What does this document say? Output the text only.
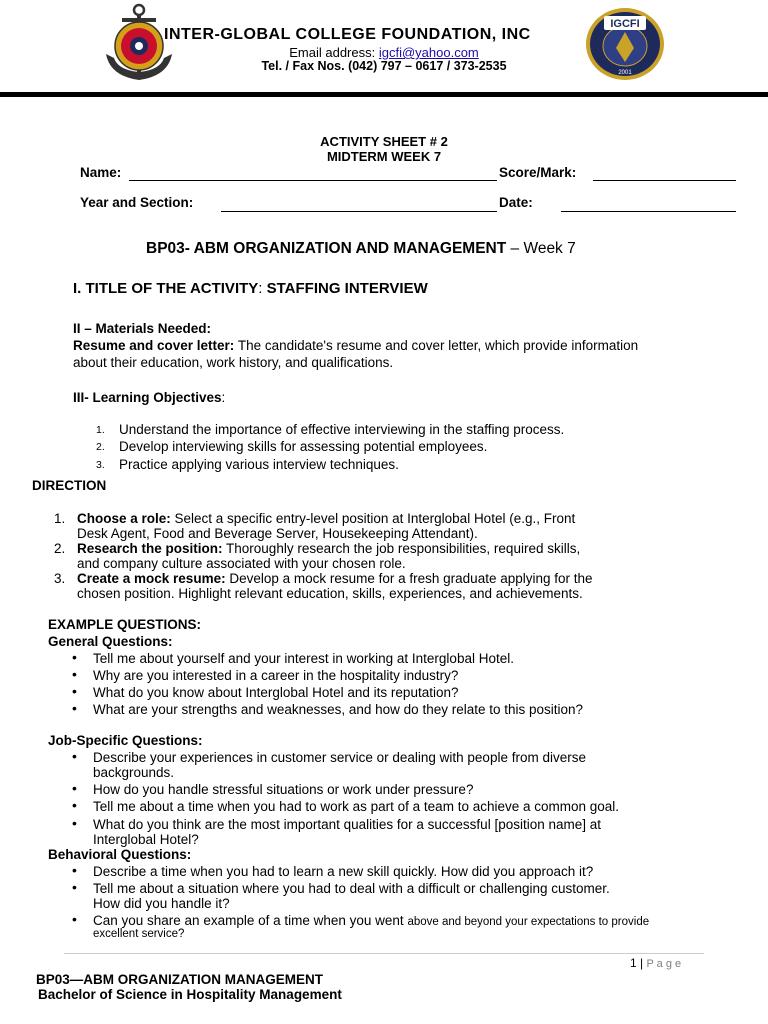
INTER-GLOBAL COLLEGE FOUNDATION, INC
Email address: igcfi@yahoo.com
Tel. / Fax Nos. (042) 797 – 0617 / 373-2535
IGCFI
2001
ACTIVITY SHEET # 2
MIDTERM WEEK 7
Name:	Score/Mark:
Year and Section:	Date:
BP03- ABM ORGANIZATION AND MANAGEMENT – Week 7
I. TITLE OF THE ACTIVITY: STAFFING INTERVIEW
II – Materials Needed:
Resume and cover letter: The candidate's resume and cover letter, which provide information
about their education, work history, and qualifications.
III- Learning Objectives:
1. Understand the importance of effective interviewing in the staffing process.
2. Develop interviewing skills for assessing potential employees.
3. Practice applying various interview techniques.
DIRECTION
1. Choose a role: Select a specific entry-level position at Interglobal Hotel (e.g., Front
Desk Agent, Food and Beverage Server, Housekeeping Attendant).
2. Research the position: Thoroughly research the job responsibilities, required skills,
and company culture associated with your chosen role.
3. Create a mock resume: Develop a mock resume for a fresh graduate applying for the
chosen position. Highlight relevant education, skills, experiences, and achievements.
EXAMPLE QUESTIONS:
General Questions:
• Tell me about yourself and your interest in working at Interglobal Hotel.
• Why are you interested in a career in the hospitality industry?
• What do you know about Interglobal Hotel and its reputation?
• What are your strengths and weaknesses, and how do they relate to this position?
Job-Specific Questions:
• Describe your experiences in customer service or dealing with people from diverse
backgrounds.
• How do you handle stressful situations or work under pressure?
• Tell me about a time when you had to work as part of a team to achieve a common goal.
• What do you think are the most important qualities for a successful [position name] at
Interglobal Hotel?
Behavioral Questions:
• Describe a time when you had to learn a new skill quickly. How did you approach it?
• Tell me about a situation where you had to deal with a difficult or challenging customer.
How did you handle it?
• Can you share an example of a time when you went above and beyond your expectations to provide
excellent service?
1 | P a g e
BP03—ABM ORGANIZATION MANAGEMENT
Bachelor of Science in Hospitality Management
